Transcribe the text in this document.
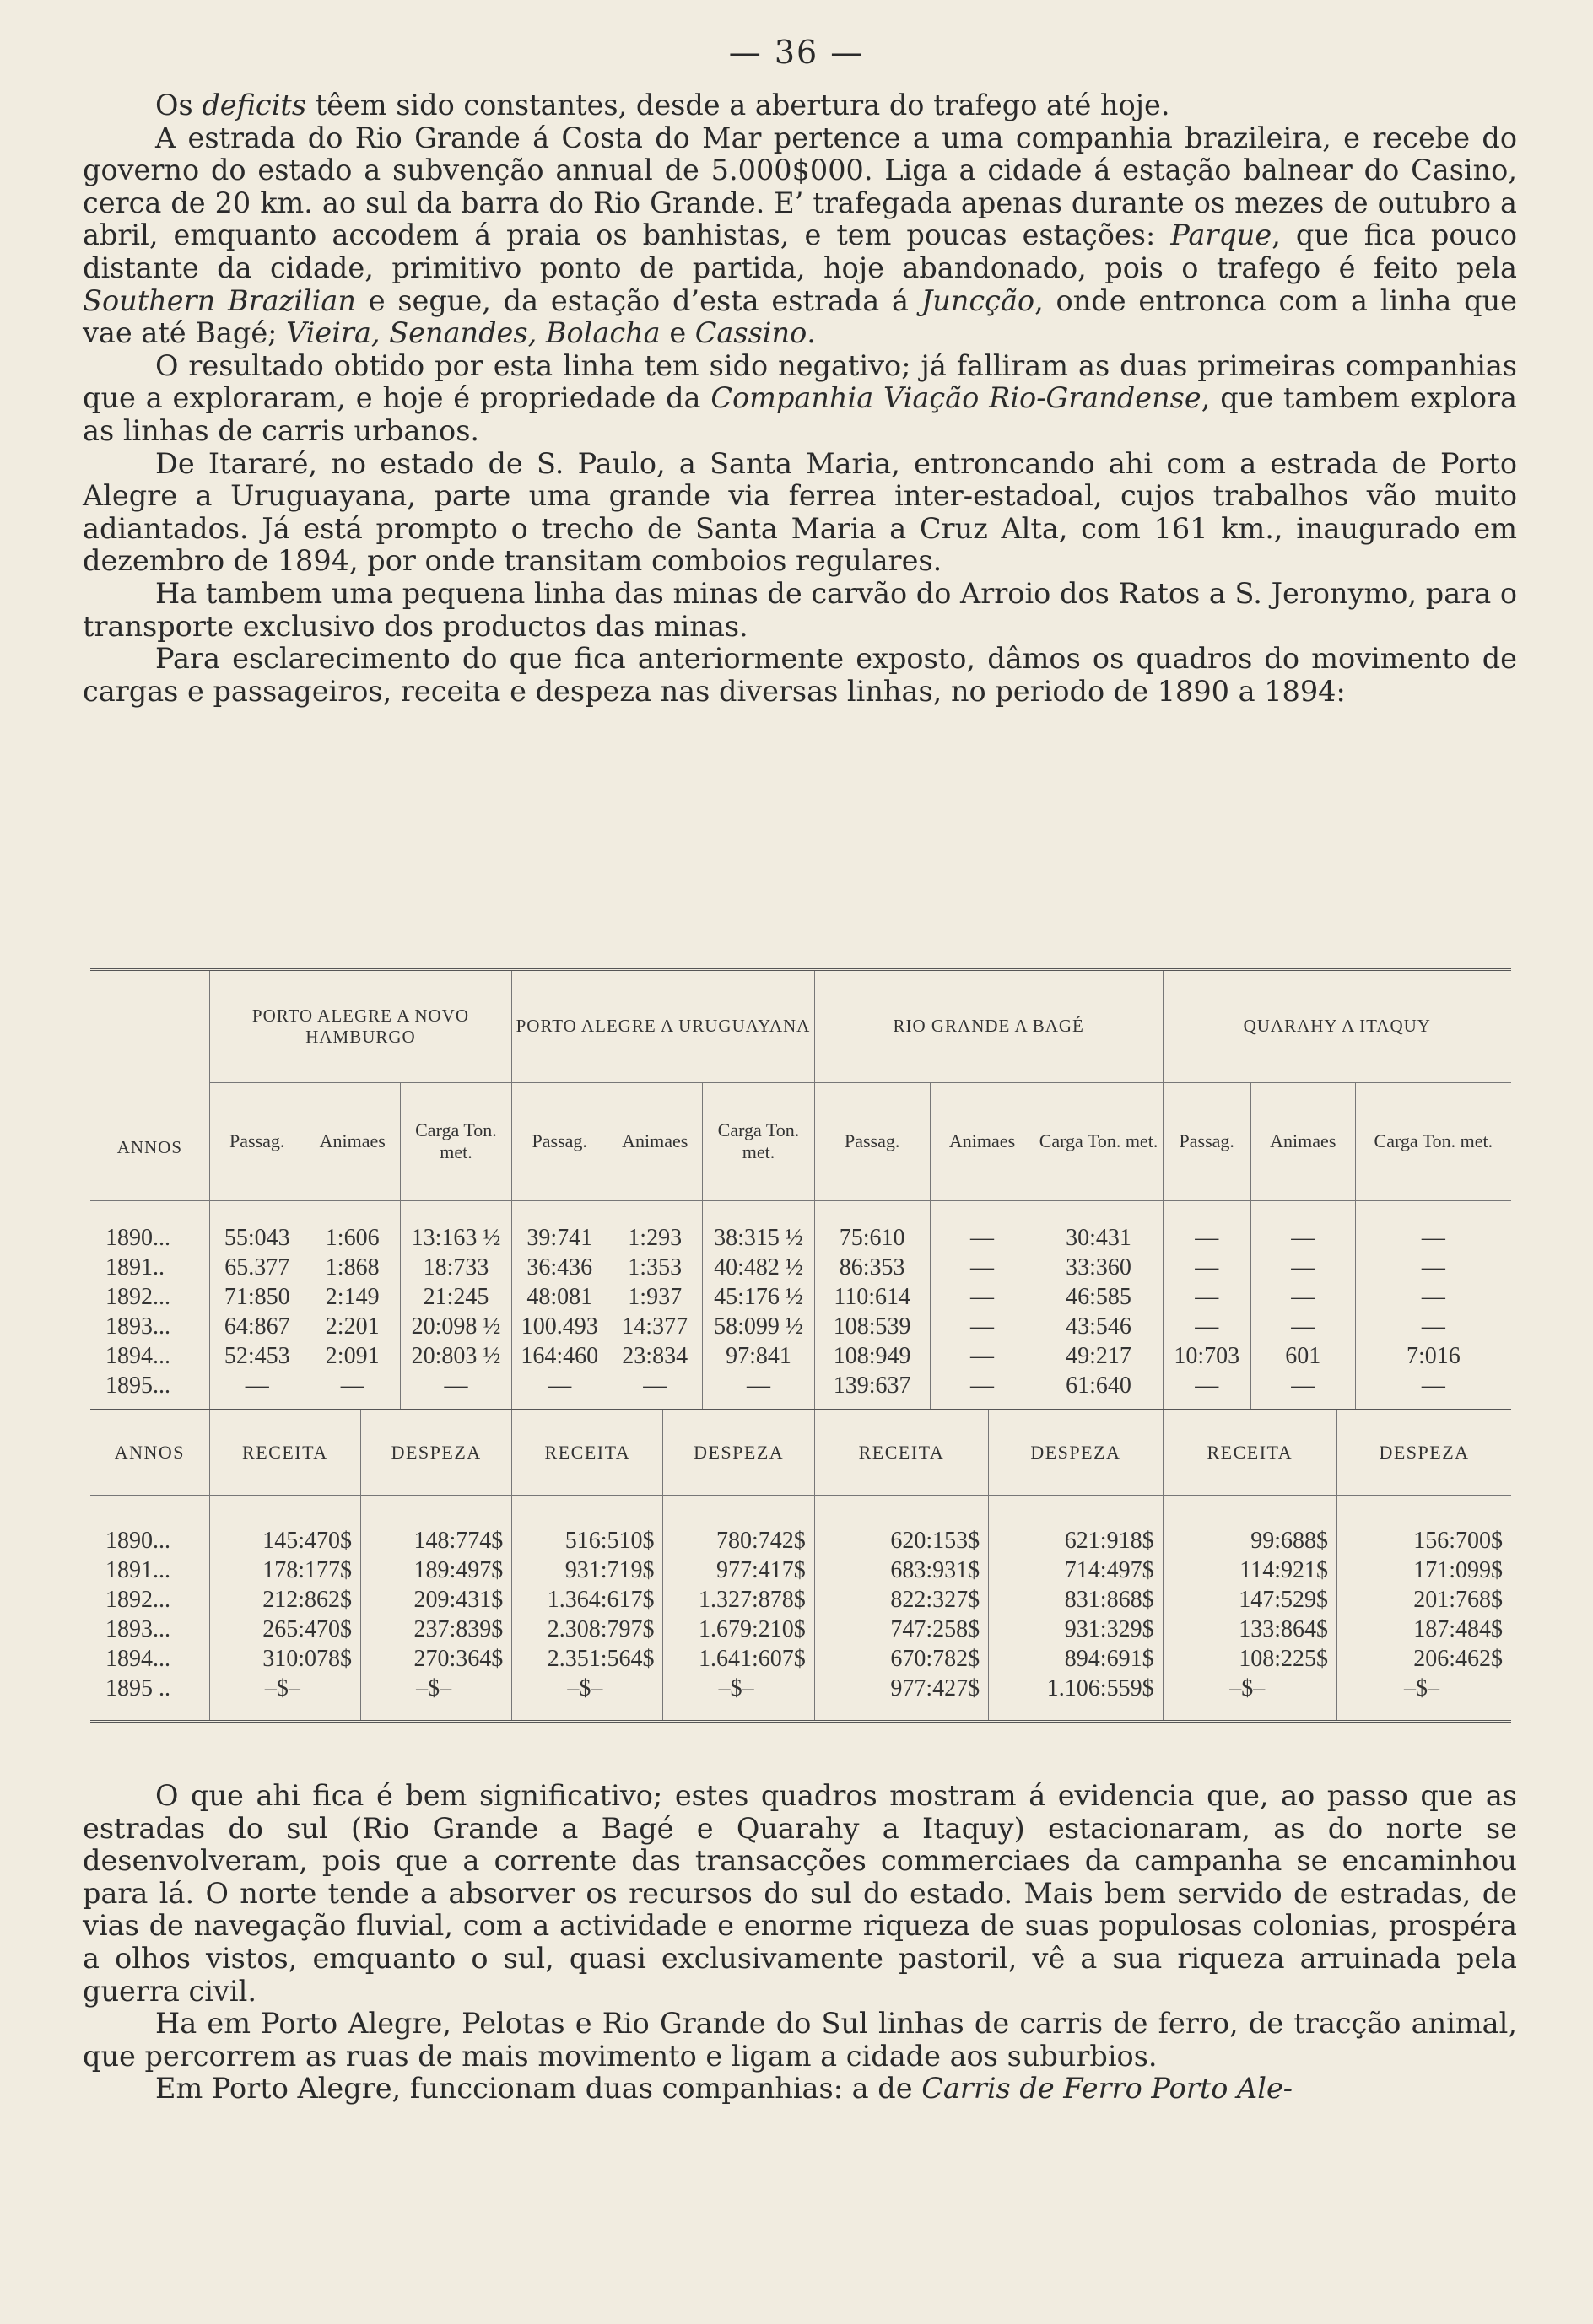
— 36 —

Os deficits têem sido constantes, desde a abertura do trafego até hoje.

A estrada do Rio Grande á Costa do Mar pertence a uma companhia brazileira, e recebe do governo do estado a subvenção annual de 5.000$000. Liga a cidade á estação balnear do Casino, cerca de 20 km. ao sul da barra do Rio Grande. E’ trafegada apenas durante os mezes de outubro a abril, emquanto accodem á praia os banhistas, e tem poucas estações: Parque, que fica pouco distante da cidade, primitivo ponto de partida, hoje abandonado, pois o trafego é feito pela Southern Brazilian e segue, da estação d’esta estrada á Juncção, onde entronca com a linha que vae até Bagé; Vieira, Senandes, Bolacha e Cassino.

O resultado obtido por esta linha tem sido negativo; já falliram as duas primeiras companhias que a exploraram, e hoje é propriedade da Companhia Viação Rio-Grandense, que tambem explora as linhas de carris urbanos.

De Itararé, no estado de S. Paulo, a Santa Maria, entroncando ahi com a estrada de Porto Alegre a Uruguayana, parte uma grande via ferrea inter-estadoal, cujos trabalhos vão muito adiantados. Já está prompto o trecho de Santa Maria a Cruz Alta, com 161 km., inaugurado em dezembro de 1894, por onde transitam comboios regulares.

Ha tambem uma pequena linha das minas de carvão do Arroio dos Ratos a S. Jeronymo, para o transporte exclusivo dos productos das minas.

Para esclarecimento do que fica anteriormente exposto, dâmos os quadros do movimento de cargas e passageiros, receita e despeza nas diversas linhas, no periodo de 1890 a 1894:

ANNOS	PORTO ALEGRE A NOVO HAMBURGO			PORTO ALEGRE A URUGUAYANA			RIO GRANDE A BAGÉ			QUARAHY A ITAQUY		
	Passag.	Animaes	Carga Ton. met.	Passag.	Animaes	Carga Ton. met.	Passag.	Animaes	Carga Ton. met.	Passag.	Animaes	Carga Ton. met.

1890...	55:043	1:606	13:163 ½	39:741	1:293	38:315 ½	75:610	—	30:431	—	—	—
1891..	65.377	1:868	18:733	36:436	1:353	40:482 ½	86:353	—	33:360	—	—	—
1892...	71:850	2:149	21:245	48:081	1:937	45:176 ½	110:614	—	46:585	—	—	—
1893...	64:867	2:201	20:098 ½	100.493	14:377	58:099 ½	108:539	—	43:546	—	—	—
1894...	52:453	2:091	20:803 ½	164:460	23:834	97:841	108:949	—	49:217	10:703	601	7:016
1895...	—	—	—	—	—	—	139:637	—	61:640	—	—	—

ANNOS	RECEITA	DESPEZA	RECEITA	DESPEZA	RECEITA	DESPEZA	RECEITA	DESPEZA

1890...	145:470$	148:774$	516:510$	780:742$	620:153$	621:918$	99:688$	156:700$
1891...	178:177$	189:497$	931:719$	977:417$	683:931$	714:497$	114:921$	171:099$
1892...	212:862$	209:431$	1.364:617$	1.327:878$	822:327$	831:868$	147:529$	201:768$
1893...	265:470$	237:839$	2.308:797$	1.679:210$	747:258$	931:329$	133:864$	187:484$
1894...	310:078$	270:364$	2.351:564$	1.641:607$	670:782$	894:691$	108:225$	206:462$
1895 ..	–$–	–$–	–$–	–$–	977:427$	1.106:559$	–$–	–$–

O que ahi fica é bem significativo; estes quadros mostram á evidencia que, ao passo que as estradas do sul (Rio Grande a Bagé e Quarahy a Itaquy) estacionaram, as do norte se desenvolveram, pois que a corrente das transacções commerciaes da campanha se encaminhou para lá. O norte tende a absorver os recursos do sul do estado. Mais bem servido de estradas, de vias de navegação fluvial, com a actividade e enorme riqueza de suas populosas colonias, prospéra a olhos vistos, emquanto o sul, quasi exclusivamente pastoril, vê a sua riqueza arruinada pela guerra civil.

Ha em Porto Alegre, Pelotas e Rio Grande do Sul linhas de carris de ferro, de tracção animal, que percorrem as ruas de mais movimento e ligam a cidade aos suburbios.

Em Porto Alegre, funccionam duas companhias: a de Carris de Ferro Porto Ale-
